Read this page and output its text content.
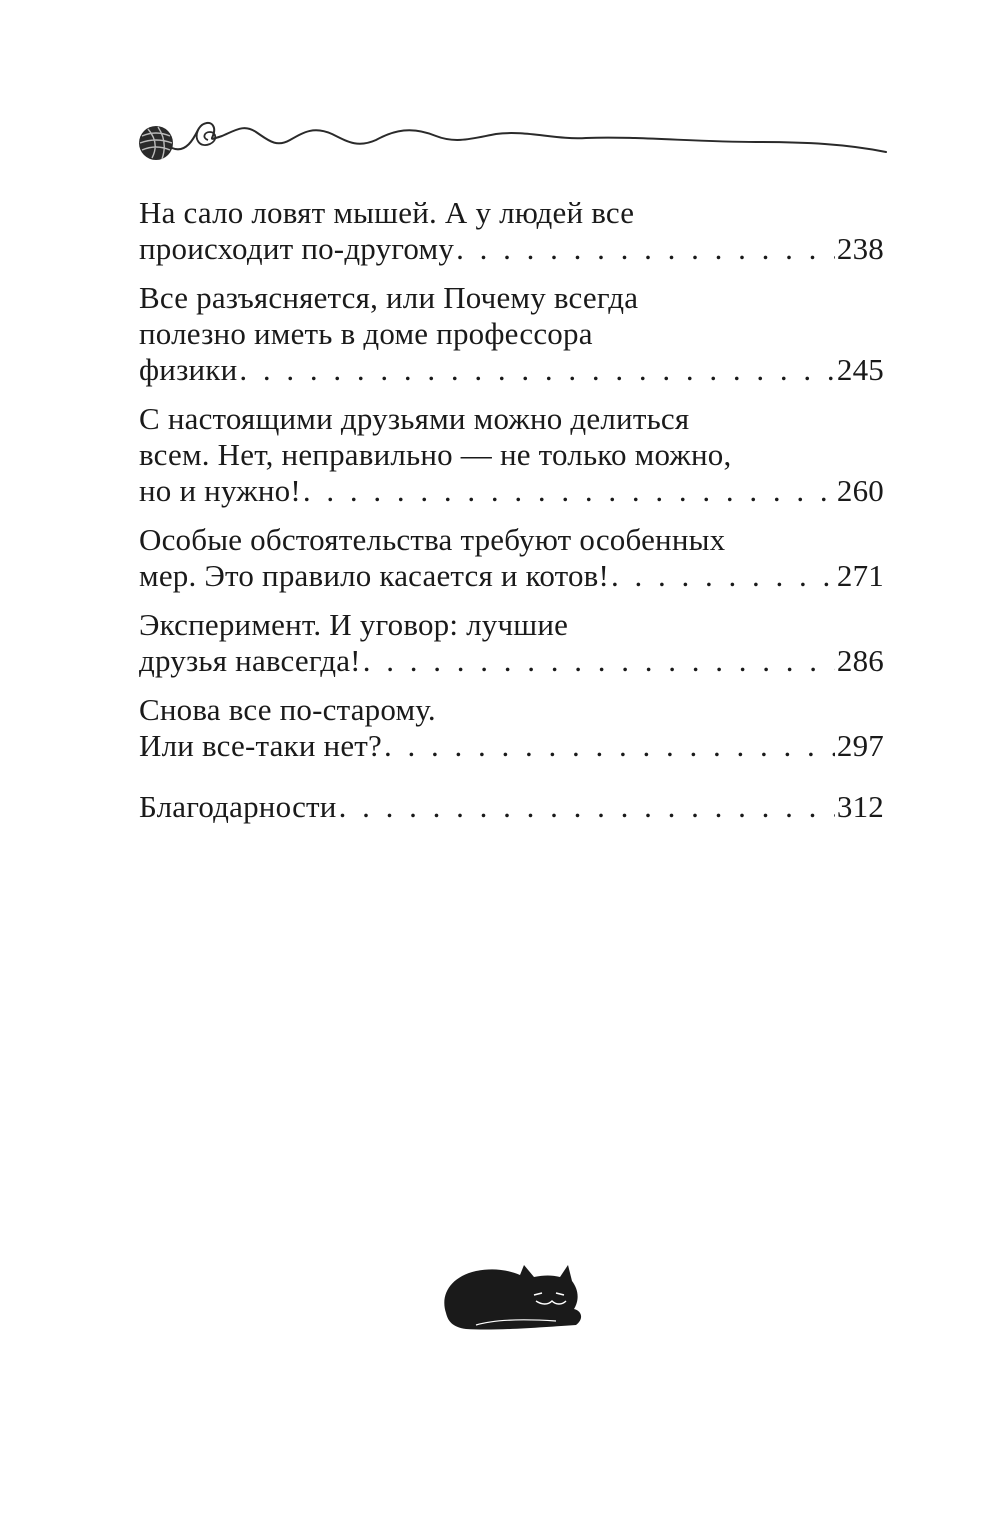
На сало ловят мышей. А у людей все
происходит по-другому . . .	238
Все разъясняется, или Почему всегда
полезно иметь в доме профессора
физики . . .	245
С настоящими друзьями можно делиться
всем. Нет, неправильно — не только можно,
но и нужно! . . .	260
Особые обстоятельства требуют особенных
мер. Это правило касается и котов! . . .	271
Эксперимент. И уговор: лучшие
друзья навсегда! . . .	286
Снова все по-старому.
Или все-таки нет? . . .	297
Благодарности . . .	312
